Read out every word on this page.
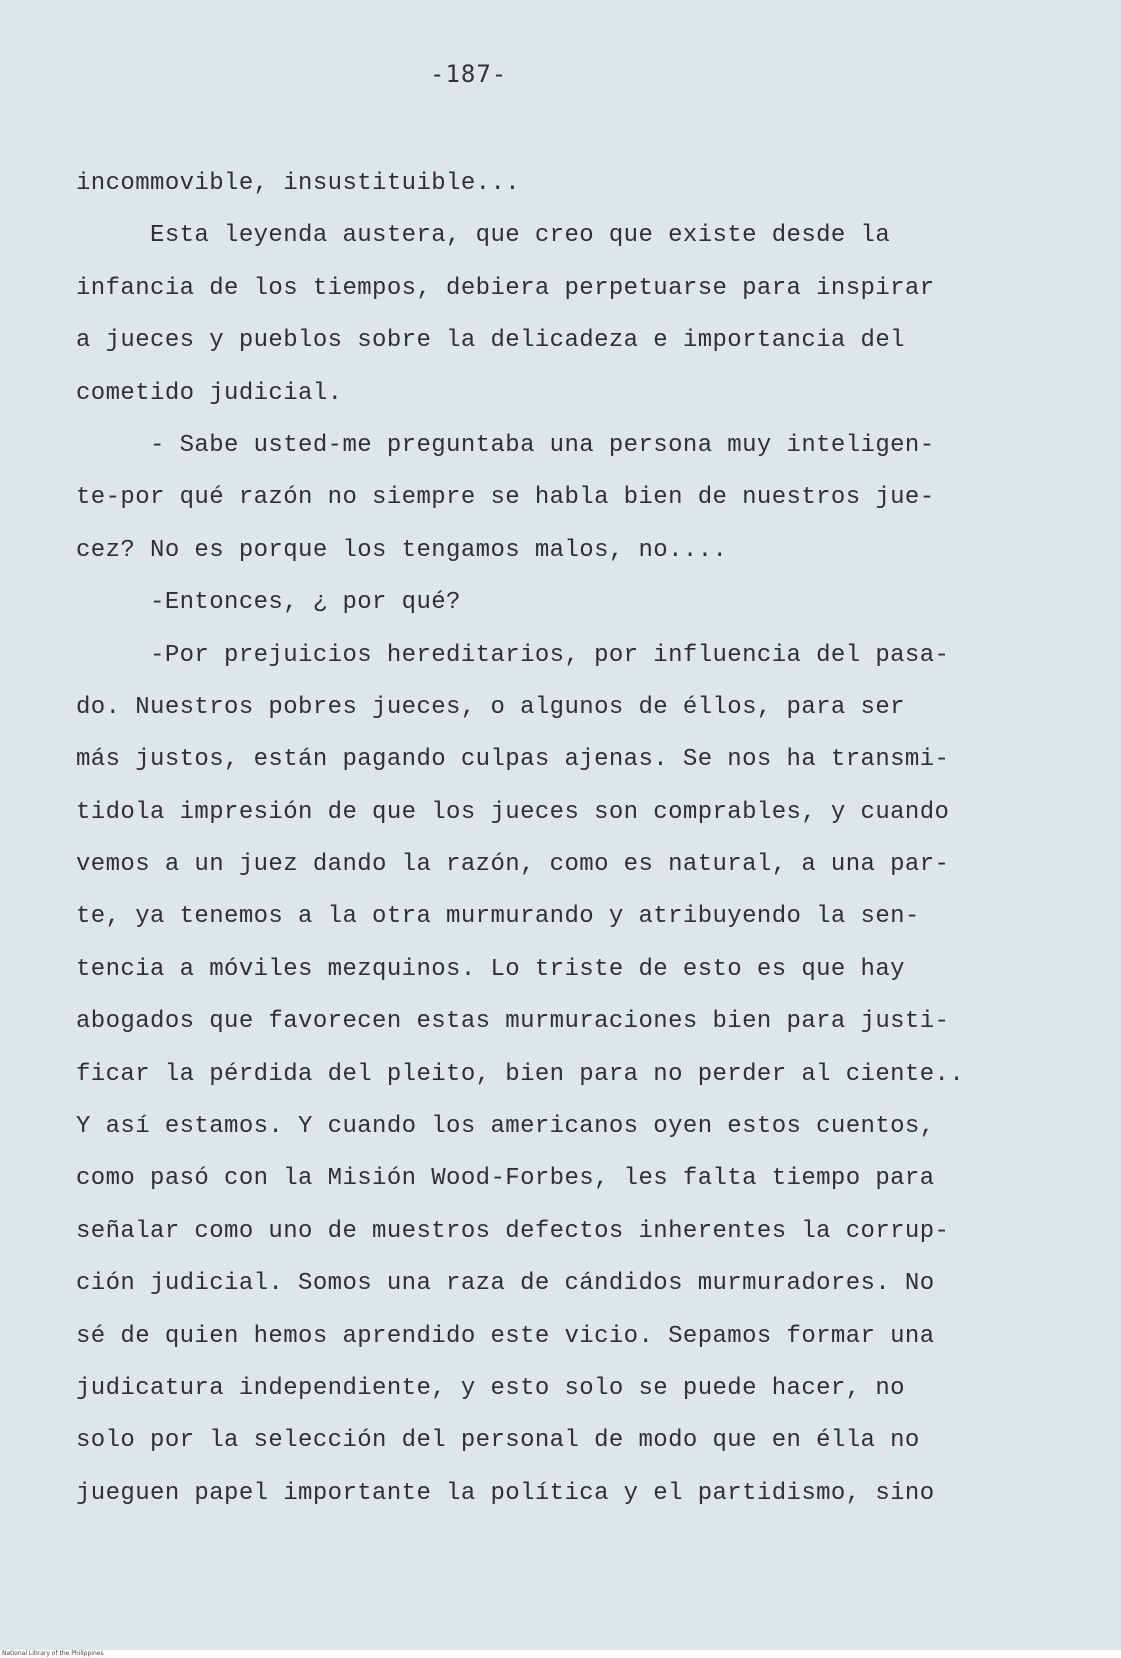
-187-
incommovible, insustituible...
Esta leyenda austera, que creo que existe desde la
infancia de los tiempos, debiera perpetuarse para inspirar
a jueces y pueblos sobre la delicadeza e importancia del
cometido judicial.
- Sabe usted-me preguntaba una persona muy inteligen-
te-por qué razón no siempre se habla bien de nuestros jue-
cez? No es porque los tengamos malos, no....
-Entonces, ¿ por qué?
-Por prejuicios hereditarios, por influencia del pasa-
do. Nuestros pobres jueces, o algunos de éllos, para ser
más justos, están pagando culpas ajenas. Se nos ha transmi-
tidola impresión de que los jueces son comprables, y cuando
vemos a un juez dando la razón, como es natural, a una par-
te, ya tenemos a la otra murmurando y atribuyendo la sen-
tencia a móviles mezquinos. Lo triste de esto es que hay
abogados que favorecen estas murmuraciones bien para justi-
ficar la pérdida del pleito, bien para no perder al ciente..
Y así estamos. Y cuando los americanos oyen estos cuentos,
como pasó con la Misión Wood-Forbes, les falta tiempo para
señalar como uno de muestros defectos inherentes la corrup-
ción judicial. Somos una raza de cándidos murmuradores. No
sé de quien hemos aprendido este vicio. Sepamos formar una
judicatura independiente, y esto solo se puede hacer, no
solo por la selección del personal de modo que en élla no
jueguen papel importante la política y el partidismo, sino
National Library of the Philippines
